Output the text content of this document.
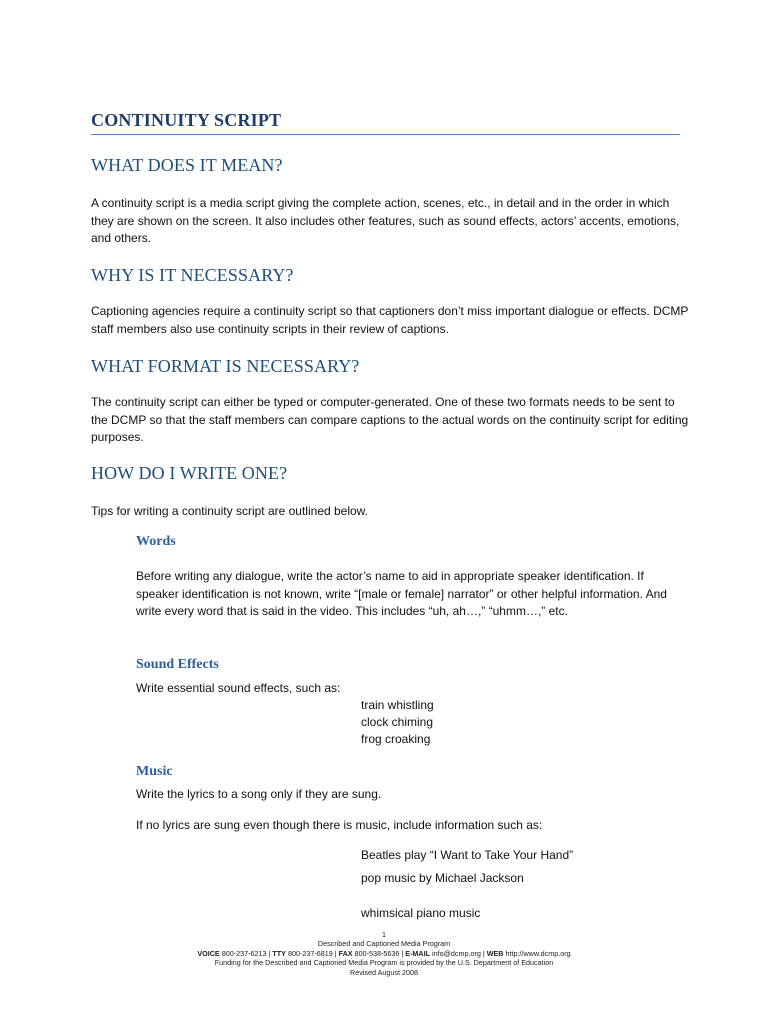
CONTINUITY SCRIPT
WHAT DOES IT MEAN?

A continuity script is a media script giving the complete action, scenes, etc., in detail and in the order in which they are shown on the screen. It also includes other features, such as sound effects, actors’ accents, emotions, and others.

WHY IS IT NECESSARY?

Captioning agencies require a continuity script so that captioners don’t miss important dialogue or effects. DCMP staff members also use continuity scripts in their review of captions.

WHAT FORMAT IS NECESSARY?

The continuity script can either be typed or computer-generated. One of these two formats needs to be sent to the DCMP so that the staff members can compare captions to the actual words on the continuity script for editing purposes.

HOW DO I WRITE ONE?

Tips for writing a continuity script are outlined below.

Words

Before writing any dialogue, write the actor’s name to aid in appropriate speaker identification. If speaker identification is not known, write “[male or female] narrator” or other helpful information. And write every word that is said in the video. This includes “uh, ah…,” “uhmm…,” etc.

Sound Effects

Write essential sound effects, such as:

train whistling

clock chiming

frog croaking

Music

Write the lyrics to a song only if they are sung.

If no lyrics are sung even though there is music, include information such as:

Beatles play “I Want to Take Your Hand”

pop music by Michael Jackson

whimsical piano music

1
Described and Captioned Media Program
VOICE 800-237-6213 | TTY 800-237-6819 | FAX 800-538-5636 | E-MAIL info@dcmp.org | WEB http://www.dcmp.org
Funding for the Described and Captioned Media Program is provided by the U.S. Department of Education
Revised August 2008
